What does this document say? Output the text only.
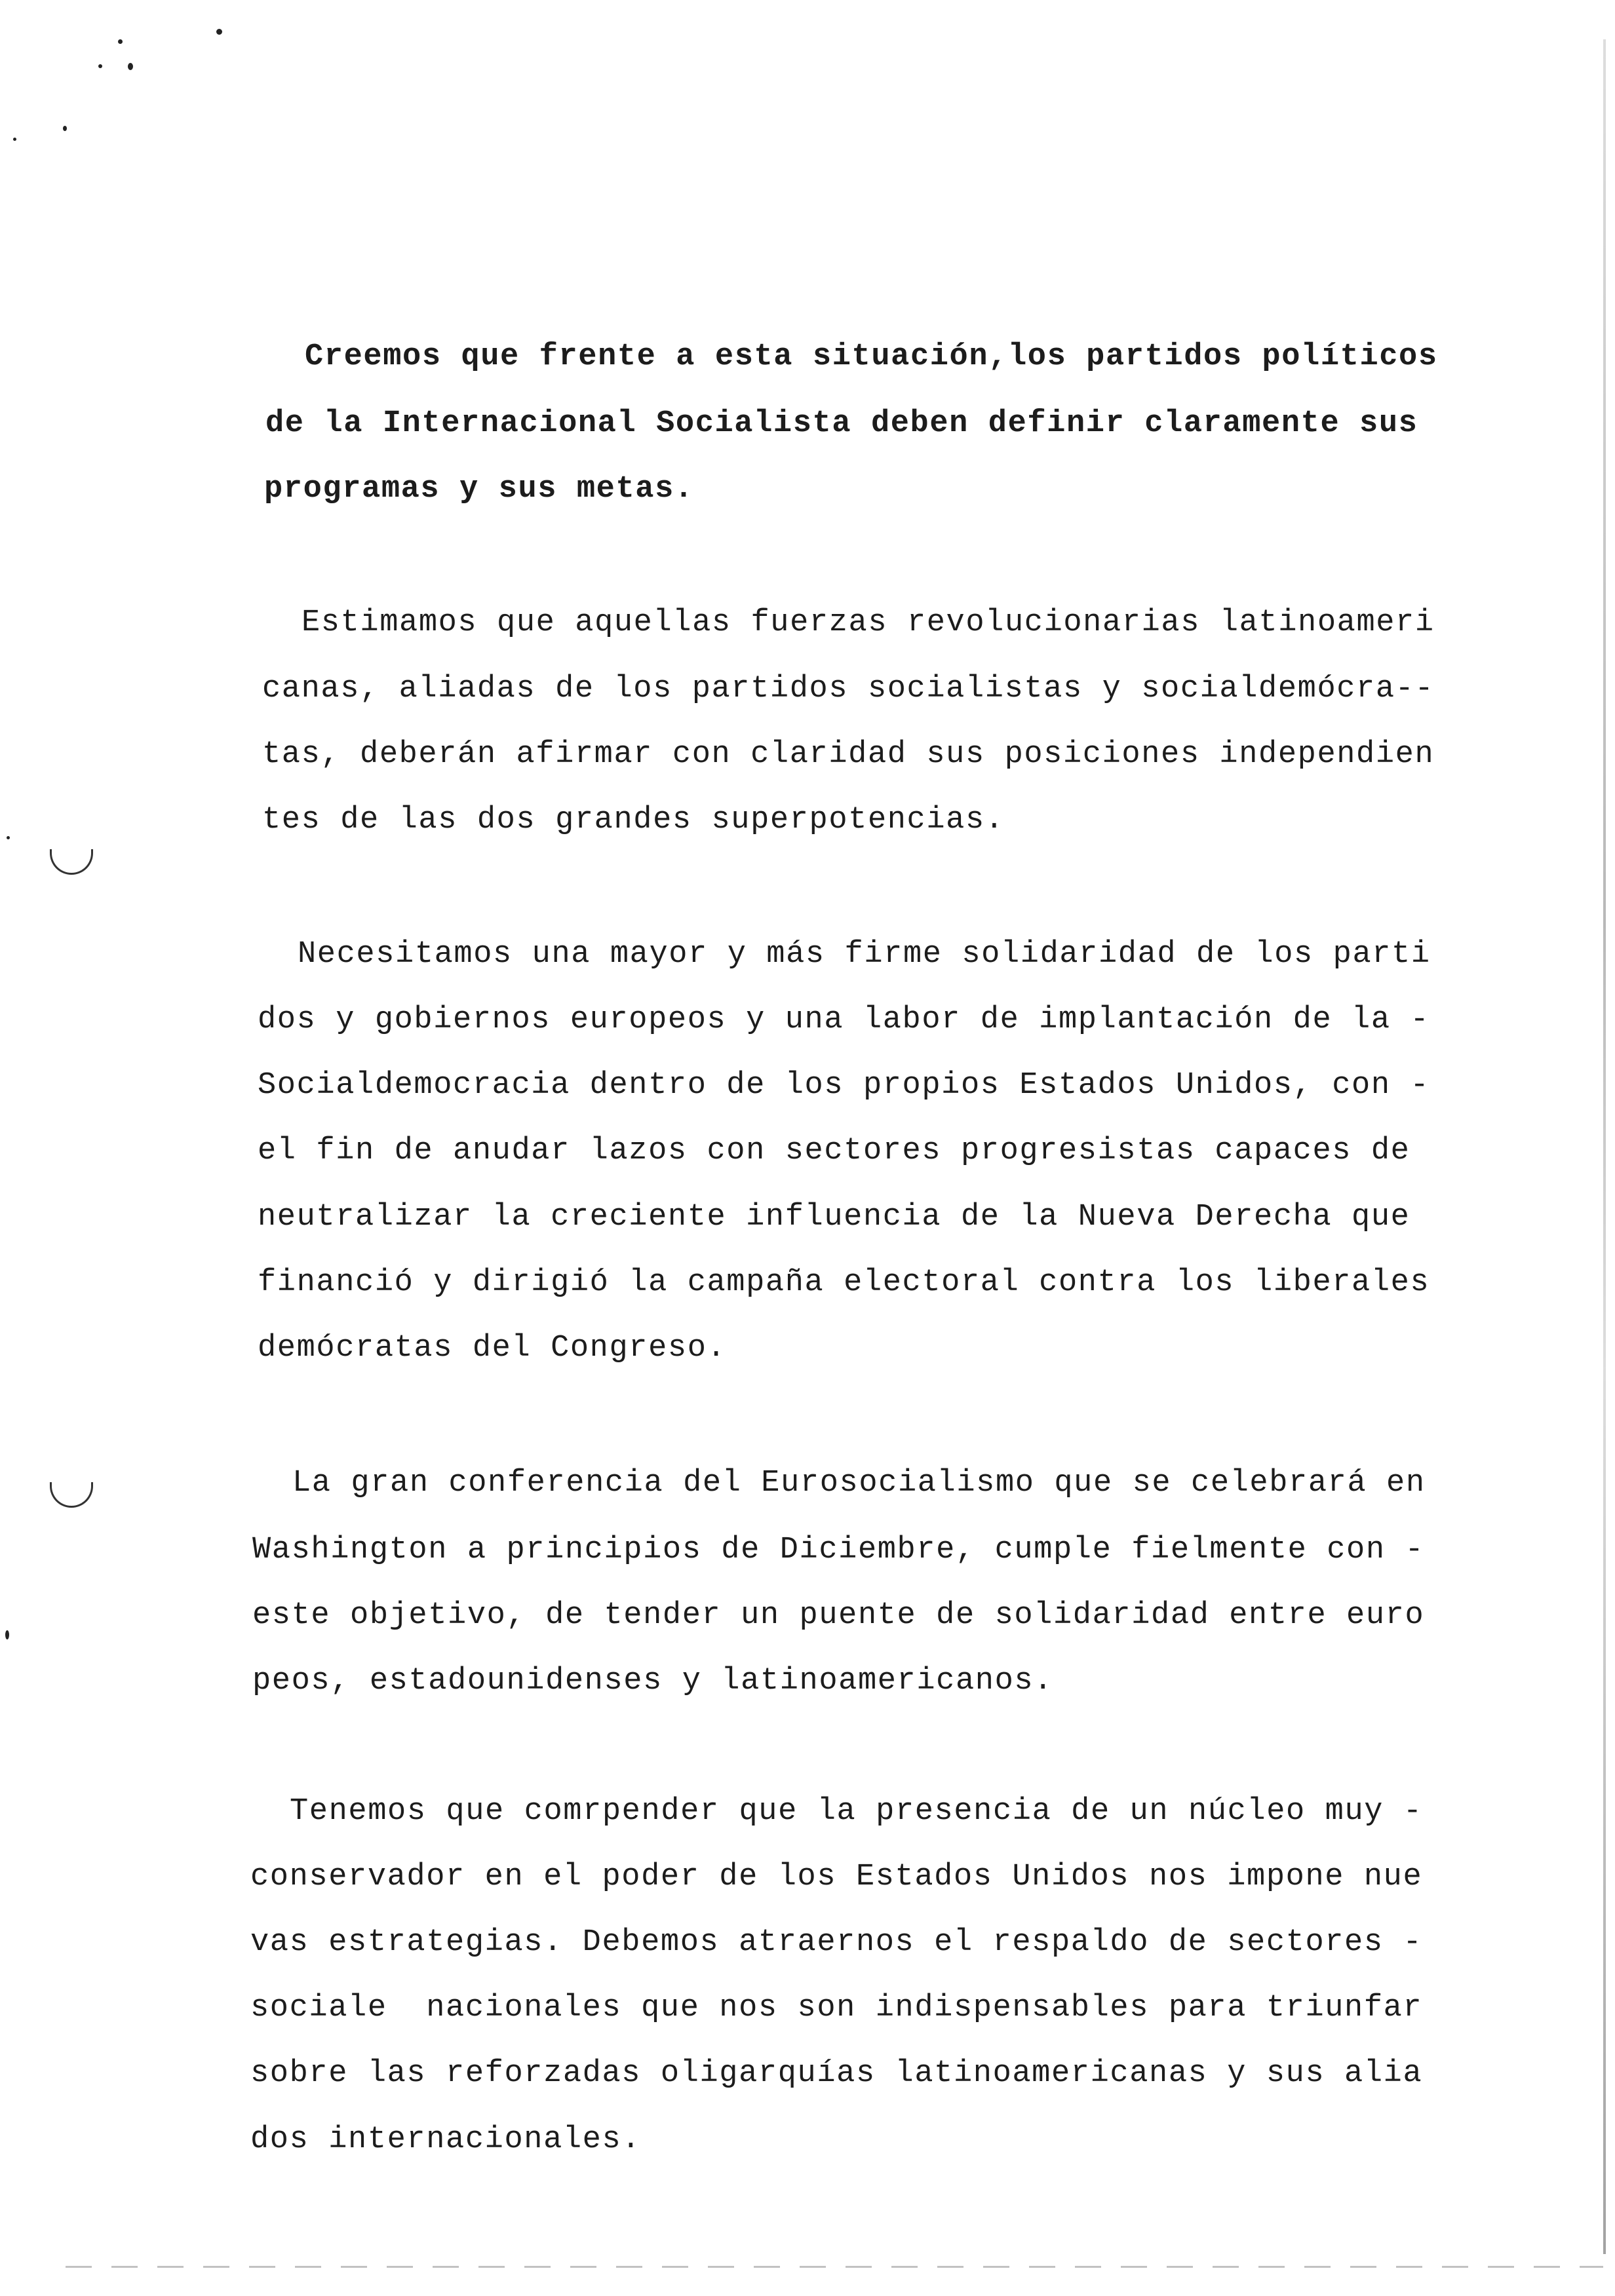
Creemos que frente a esta situación,los partidos políticos
de la Internacional Socialista deben definir claramente sus
programas y sus metas.
Estimamos que aquellas fuerzas revolucionarias latinoameri
canas, aliadas de los partidos socialistas y socialdemócra--
tas, deberán afirmar con claridad sus posiciones independien
tes de las dos grandes superpotencias.
Necesitamos una mayor y más firme solidaridad de los parti
dos y gobiernos europeos y una labor de implantación de la -
Socialdemocracia dentro de los propios Estados Unidos, con -
el fin de anudar lazos con sectores progresistas capaces de
neutralizar la creciente influencia de la Nueva Derecha que
financió y dirigió la campaña electoral contra los liberales
demócratas del Congreso.
La gran conferencia del Eurosocialismo que se celebrará en
Washington a principios de Diciembre, cumple fielmente con -
este objetivo, de tender un puente de solidaridad entre euro
peos, estadounidenses y latinoamericanos.
Tenemos que comrpender que la presencia de un núcleo muy -
conservador en el poder de los Estados Unidos nos impone nue
vas estrategias. Debemos atraernos el respaldo de sectores -
sociale  nacionales que nos son indispensables para triunfar
sobre las reforzadas oligarquías latinoamericanas y sus alia
dos internacionales.
